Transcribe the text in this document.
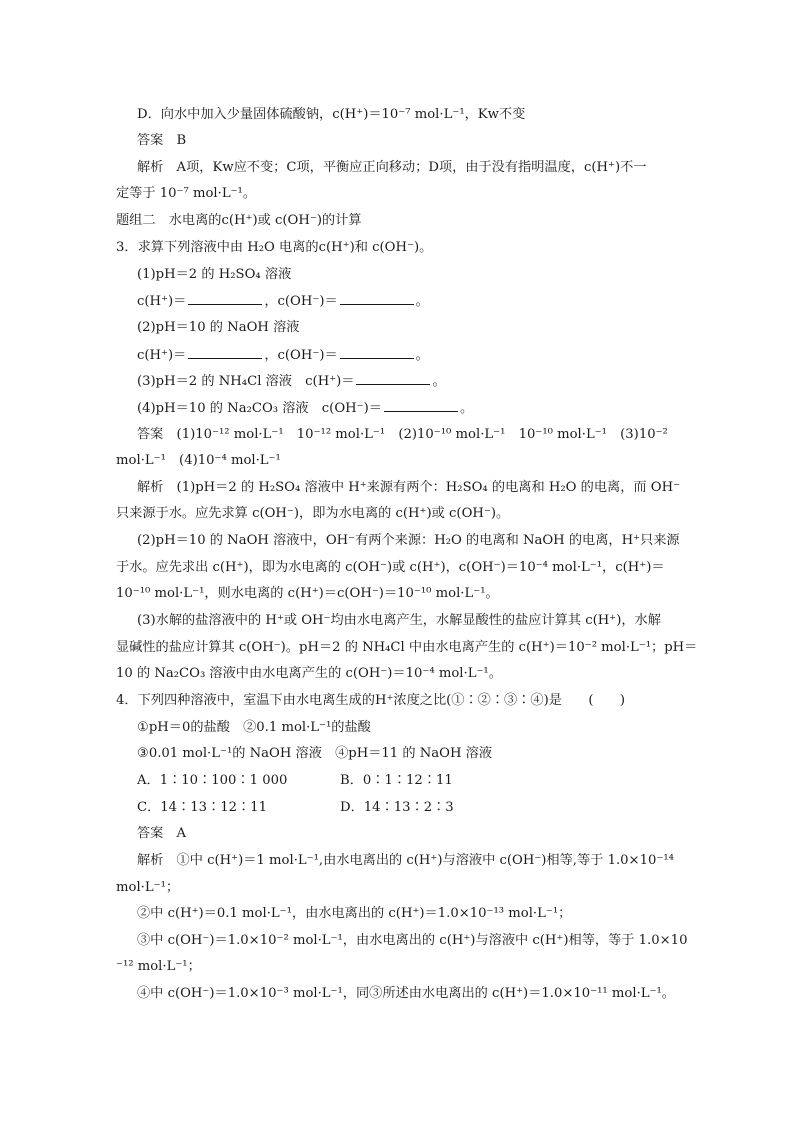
D．向水中加入少量固体硫酸钠，c(H⁺)＝10⁻⁷ mol·L⁻¹，Kw不变
答案　B
解析　A项，Kw应不变；C项，平衡应正向移动；D项，由于没有指明温度，c(H⁺)不一
定等于 10⁻⁷ mol·L⁻¹。
题组二　水电离的c(H⁺)或 c(OH⁻)的计算
3．求算下列溶液中由 H₂O 电离的c(H⁺)和 c(OH⁻)。
(1)pH＝2 的 H₂SO₄ 溶液
c(H⁺)＝	，c(OH⁻)＝	。
(2)pH＝10 的 NaOH 溶液
c(H⁺)＝	，c(OH⁻)＝	。
(3)pH＝2 的 NH₄Cl 溶液　c(H⁺)＝	。
(4)pH＝10 的 Na₂CO₃ 溶液　c(OH⁻)＝	。
答案　(1)10⁻¹² mol·L⁻¹　10⁻¹² mol·L⁻¹　(2)10⁻¹⁰ mol·L⁻¹　10⁻¹⁰ mol·L⁻¹　(3)10⁻²
mol·L⁻¹　(4)10⁻⁴ mol·L⁻¹
解析　(1)pH＝2 的 H₂SO₄ 溶液中 H⁺来源有两个：H₂SO₄ 的电离和 H₂O 的电离，而 OH⁻
只来源于水。应先求算 c(OH⁻)，即为水电离的 c(H⁺)或 c(OH⁻)。
(2)pH＝10 的 NaOH 溶液中，OH⁻有两个来源：H₂O 的电离和 NaOH 的电离，H⁺只来源
于水。应先求出 c(H⁺)，即为水电离的 c(OH⁻)或 c(H⁺)，c(OH⁻)＝10⁻⁴ mol·L⁻¹，c(H⁺)＝
10⁻¹⁰ mol·L⁻¹，则水电离的 c(H⁺)＝c(OH⁻)＝10⁻¹⁰ mol·L⁻¹。
(3)水解的盐溶液中的 H⁺或 OH⁻均由水电离产生，水解显酸性的盐应计算其 c(H⁺)，水解
显碱性的盐应计算其 c(OH⁻)。pH＝2 的 NH₄Cl 中由水电离产生的 c(H⁺)＝10⁻² mol·L⁻¹；pH＝
10 的 Na₂CO₃ 溶液中由水电离产生的 c(OH⁻)＝10⁻⁴ mol·L⁻¹。
4．下列四种溶液中，室温下由水电离生成的H⁺浓度之比(①∶②∶③∶④)是　　(　　)
①pH＝0的盐酸　②0.1 mol·L⁻¹的盐酸
③0.01 mol·L⁻¹的 NaOH 溶液　④pH＝11 的 NaOH 溶液
A．1∶10∶100∶1 000	B．0∶1∶12∶11
C．14∶13∶12∶11	D．14∶13∶2∶3
答案　A
解析　①中 c(H⁺)＝1 mol·L⁻¹,由水电离出的 c(H⁺)与溶液中 c(OH⁻)相等,等于 1.0×10⁻¹⁴
mol·L⁻¹；
②中 c(H⁺)＝0.1 mol·L⁻¹，由水电离出的 c(H⁺)＝1.0×10⁻¹³ mol·L⁻¹；
③中 c(OH⁻)＝1.0×10⁻² mol·L⁻¹，由水电离出的 c(H⁺)与溶液中 c(H⁺)相等，等于 1.0×10
⁻¹² mol·L⁻¹；
④中 c(OH⁻)＝1.0×10⁻³ mol·L⁻¹，同③所述由水电离出的 c(H⁺)＝1.0×10⁻¹¹ mol·L⁻¹。
